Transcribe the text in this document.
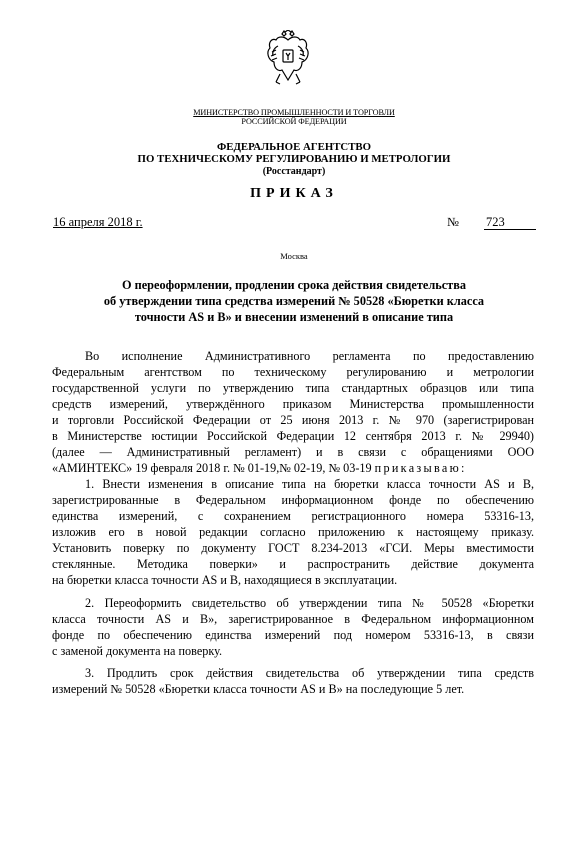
МИНИСТЕРСТВО ПРОМЫШЛЕННОСТИ И ТОРГОВЛИ
РОССИЙСКОЙ ФЕДЕРАЦИИ
ФЕДЕРАЛЬНОЕ АГЕНТСТВО
ПО ТЕХНИЧЕСКОМУ РЕГУЛИРОВАНИЮ И МЕТРОЛОГИИ
(Росстандарт)
ПРИКАЗ
16 апреля 2018 г.	№ 723
Москва
О переоформлении, продлении срока действия свидетельства
об утверждении типа средства измерений № 50528 «Бюретки класса
точности AS и B» и внесении изменений в описание типа
Во исполнение Административного регламента по предоставлению
Федеральным агентством по техническому регулированию и метрологии
государственной услуги по утверждению типа стандартных образцов или типа
средств измерений, утверждённого приказом Министерства промышленности
и торговли Российской Федерации от 25 июня 2013 г. № 970 (зарегистрирован
в Министерстве юстиции Российской Федерации 12 сентября 2013 г. № 29940)
(далее — Административный регламент) и в связи с обращениями ООО
«АМИНТЕКС» 19 февраля 2018 г. № 01-19,№ 02-19, № 03-19 приказываю:
1. Внести изменения в описание типа на бюретки класса точности AS и B,
зарегистрированные в Федеральном информационном фонде по обеспечению
единства измерений, с сохранением регистрационного номера 53316-13,
изложив его в новой редакции согласно приложению к настоящему приказу.
Установить поверку по документу ГОСТ 8.234-2013 «ГСИ. Меры вместимости
стеклянные. Методика поверки» и распространить действие документа
на бюретки класса точности AS и B, находящиеся в эксплуатации.
2. Переоформить свидетельство об утверждении типа № 50528 «Бюретки
класса точности AS и B», зарегистрированное в Федеральном информационном
фонде по обеспечению единства измерений под номером 53316-13, в связи
с заменой документа на поверку.
3. Продлить срок действия свидетельства об утверждении типа средств
измерений № 50528 «Бюретки класса точности AS и B» на последующие 5 лет.
